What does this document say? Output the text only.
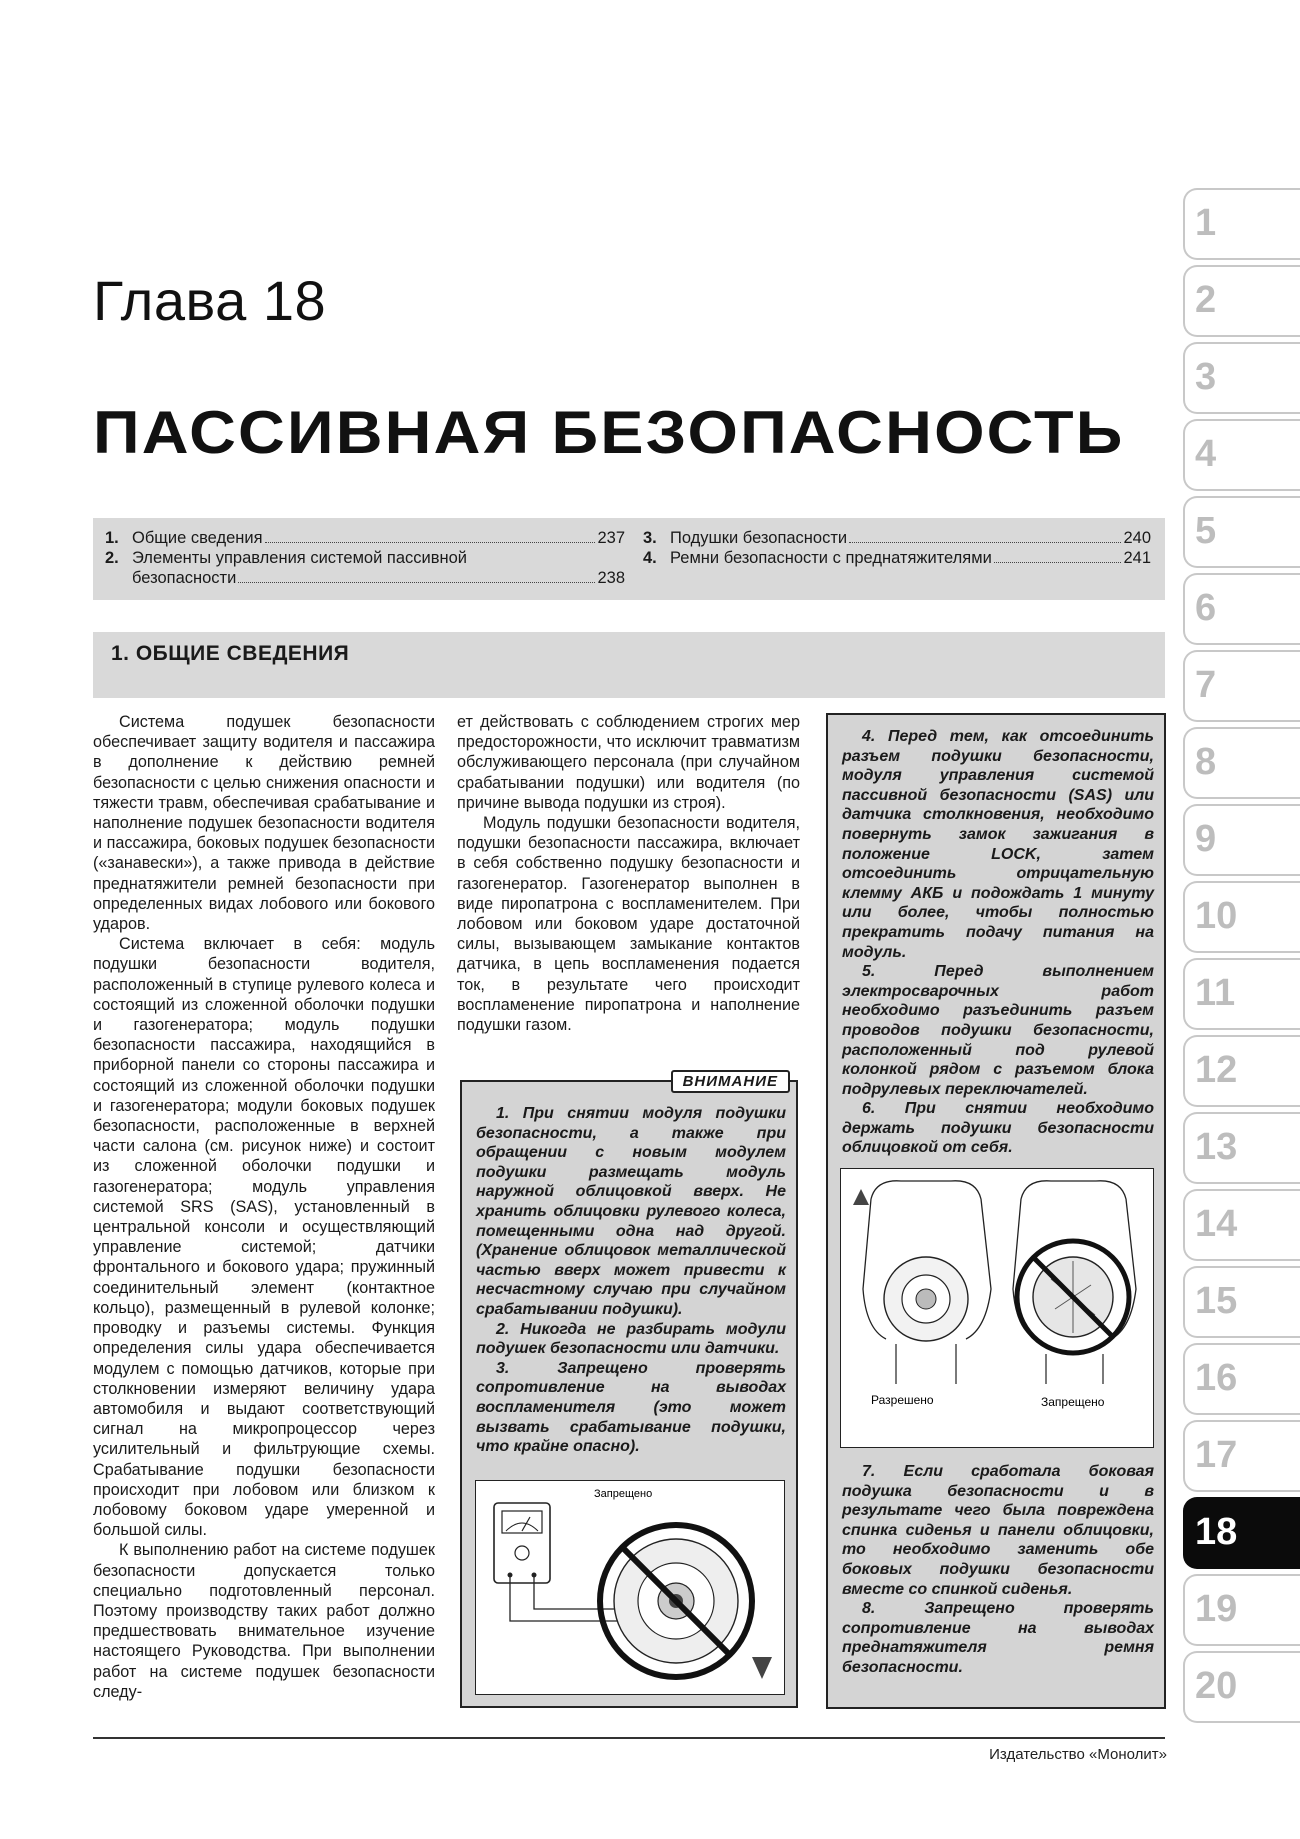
Глава 18
ПАССИВНАЯ БЕЗОПАСНОСТЬ
1. Общие сведения	237
2. Элементы управления системой пассивной
безопасности	238
3. Подушки безопасности	240
4. Ремни безопасности с преднатяжителями	241
1. ОБЩИЕ СВЕДЕНИЯ

Система подушек безопасности обеспечивает защиту водителя и пассажира в дополнение к действию ремней безопасности с целью снижения опасности и тяжести травм, обеспечивая срабатывание и наполнение подушек безопасности водителя и пассажира, боковых подушек безопасности («занавески»), а также привода в действие преднатяжители ремней безопасности при определенных видах лобового или бокового ударов.

Система включает в себя: модуль подушки безопасности водителя, расположенный в ступице рулевого колеса и состоящий из сложенной оболочки подушки и газогенератора; модуль подушки безопасности пассажира, находящийся в приборной панели со стороны пассажира и состоящий из сложенной оболочки подушки и газогенератора; модули боковых подушек безопасности, расположенные в верхней части салона (см. рисунок ниже) и состоит из сложенной оболочки подушки и газогенератора; модуль управления системой SRS (SAS), установленный в центральной консоли и осуществляющий управление системой; датчики фронтального и бокового удара; пружинный соединительный элемент (контактное кольцо), размещенный в рулевой колонке; проводку и разъемы системы. Функция определения силы удара обеспечивается модулем с помощью датчиков, которые при столкновении измеряют величину удара автомобиля и выдают соответствующий сигнал на микропроцессор через усилительный и фильтрующие схемы. Срабатывание подушки безопасности происходит при лобовом или близком к лобовому боковом ударе умеренной и большой силы.

К выполнению работ на системе подушек безопасности допускается только специально подготовленный персонал. Поэтому производству таких работ должно предшествовать внимательное изучение настоящего Руководства. При выполнении работ на системе подушек безопасности следу-

ет действовать с соблюдением строгих мер предосторожности, что исключит травматизм обслуживающего персонала (при случайном срабатывании подушки) или водителя (по причине вывода подушки из строя).

Модуль подушки безопасности водителя, подушки безопасности пассажира, включает в себя собственно подушку безопасности и газогенератор. Газогенератор выполнен в виде пиропатрона с воспламенителем. При лобовом или боковом ударе достаточной силы, вызывающем замыкание контактов датчика, в цепь воспламенения подается ток, в результате чего происходит воспламенение пиропатрона и наполнение подушки газом.

ВНИМАНИЕ

1. При снятии модуля подушки безопасности, а также при обращении с новым модулем подушки размещать модуль наружной облицовкой вверх. Не хранить облицовки рулевого колеса, помещенными одна над другой. (Хранение облицовок металлической частью вверх может привести к несчастному случаю при случайном срабатывании подушки).

2. Никогда не разбирать модули подушек безопасности или датчики.

3. Запрещено проверять сопротивление на выводах воспламенителя (это может вызвать срабатывание подушки, что крайне опасно).

Запрещено

4. Перед тем, как отсоединить разъем подушки безопасности, модуля управления системой пассивной безопасности (SAS) или датчика столкновения, необходимо повернуть замок зажигания в положение LOCK, затем отсоединить отрицательную клемму АКБ и подождать 1 минуту или более, чтобы полностью прекратить подачу питания на модуль.

5. Перед выполнением электросварочных работ необходимо разъединить разъем проводов подушки безопасности, расположенный под рулевой колонкой рядом с разъемом блока подрулевых переключателей.

6. При снятии необходимо держать подушки безопасности облицовкой от себя.

Разрешено	Запрещено

7. Если сработала боковая подушка безопасности и в результате чего была повреждена спинка сиденья и панели облицовки, то необходимо заменить обе боковых подушки безопасности вместе со спинкой сиденья.

8. Запрещено проверять сопротивление на выводах преднатяжителя ремня безопасности.

Издательство «Монолит»
1
2
3
4
5
6
7
8
9
10
11
12
13
14
15
16
17
18
19
20
